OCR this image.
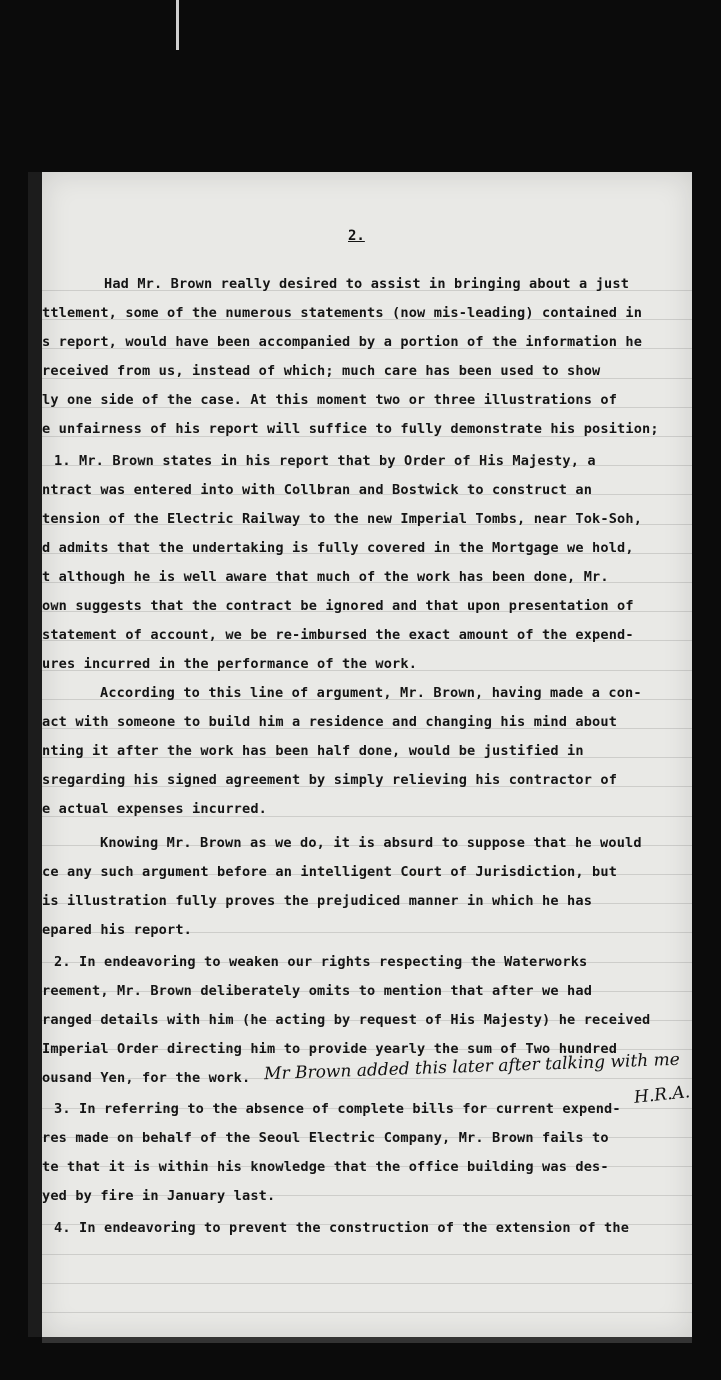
2.
Had Mr. Brown really desired to assist in bringing about a just
ttlement, some of the numerous statements (now mis-leading) contained in
s report, would have been accompanied by a portion of the information he
received from us, instead of which; much care has been used to show
ly one side of the case. At this moment two or three illustrations of
e unfairness of his report will suffice to fully demonstrate his position;
1. Mr. Brown states in his report that by Order of His Majesty, a
ntract was entered into with Collbran and Bostwick to construct an
tension of the Electric Railway to the new Imperial Tombs, near Tok-Soh,
d admits that the undertaking is fully covered in the Mortgage we hold,
t although he is well aware that much of the work has been done, Mr.
own suggests that the contract be ignored and that upon presentation of
statement of account, we be re-imbursed the exact amount of the expend-
ures incurred in the performance of the work.
According to this line of argument, Mr. Brown, having made a con-
act with someone to build him a residence and changing his mind about
nting it after the work has been half done, would be justified in
sregarding his signed agreement by simply relieving his contractor of
e actual expenses incurred.
Knowing Mr. Brown as we do, it is absurd to suppose that he would
ce any such argument before an intelligent Court of Jurisdiction, but
is illustration fully proves the prejudiced manner in which he has
epared his report.
2. In endeavoring to weaken our rights respecting the Waterworks
reement, Mr. Brown deliberately omits to mention that after we had
ranged details with him (he acting by request of His Majesty) he received
Imperial Order directing him to provide yearly the sum of Two hundred
ousand Yen, for the work.
3. In referring to the absence of complete bills for current expend-
res made on behalf of the Seoul Electric Company, Mr. Brown fails to
te that it is within his knowledge that the office building was des-
yed by fire in January last.
4. In endeavoring to prevent the construction of the extension of the
Mr Brown added this later after talking with me
H.R.A.
